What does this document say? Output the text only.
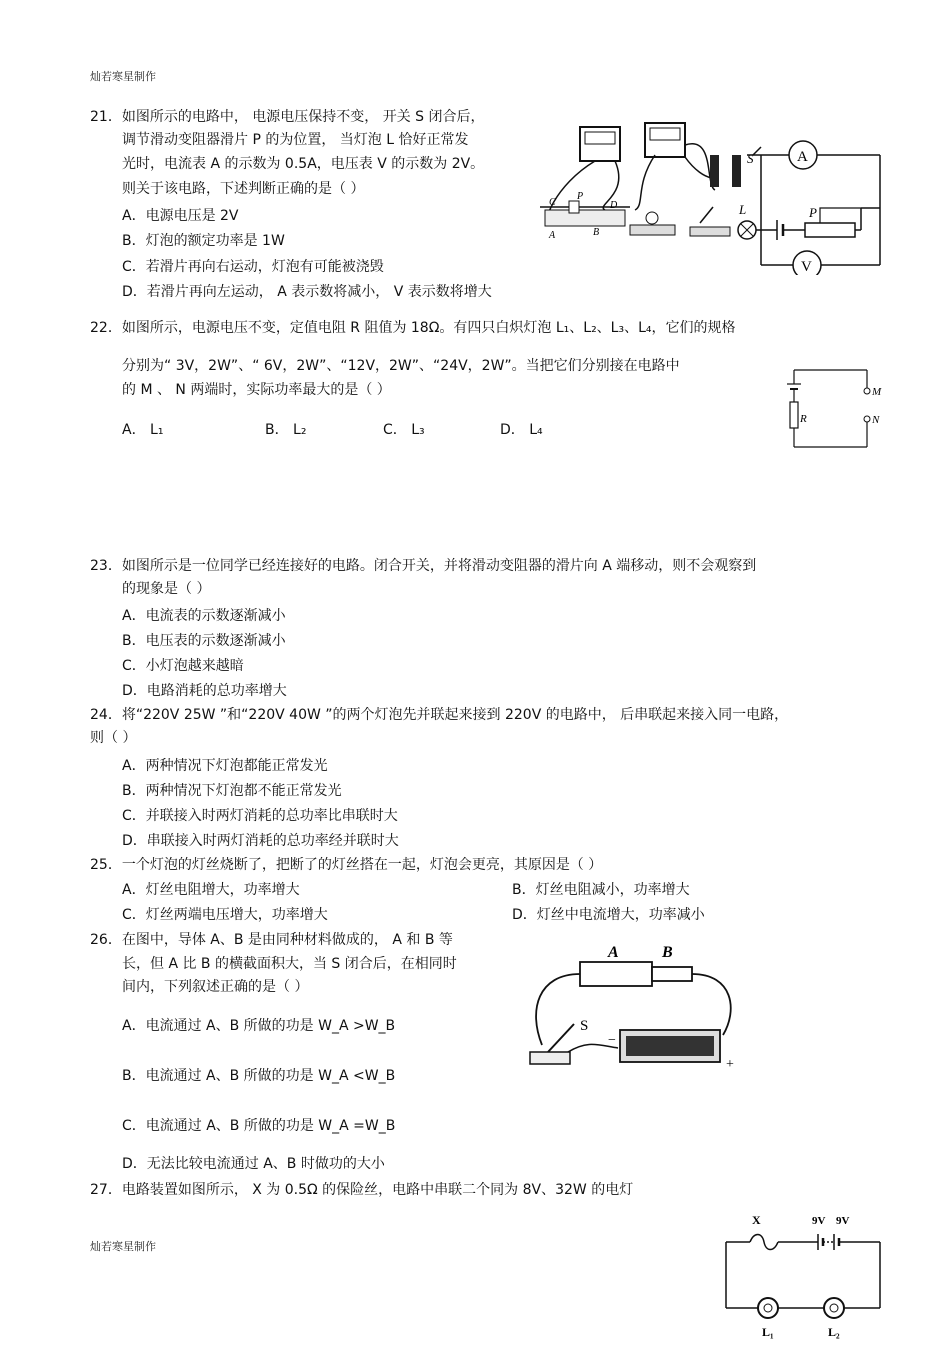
灿若寒星制作
21．如图所示的电路中， 电源电压保持不变， 开关 S 闭合后，
调节滑动变阻器滑片 P 的为位置， 当灯泡 L 恰好正常发
光时，电流表 A 的示数为 0.5A，电压表 V 的示数为 2V。
则关于该电路，下述判断正确的是（ ）
A．电源电压是 2V
B．灯泡的额定功率是 1W
C．若滑片再向右运动，灯泡有可能被浇毁
D．若滑片再向左运动， A 表示数将减小， V 表示数将增大
C
P
A	B
D
S	A
V
L	P
22．如图所示，电源电压不变，定值电阻 R 阻值为 18Ω。有四只白炽灯泡 L₁、L₂、L₃、L₄，它们的规格
分别为“ 3V，2W”、“ 6V，2W”、“12V，2W”、“24V，2W”。当把它们分别接在电路中
的 M 、 N 两端时，实际功率最大的是（ ）
A． L₁	B． L₂	C． L₃	D． L₄
R
M
N
23．如图所示是一位同学已经连接好的电路。闭合开关，并将滑动变阻器的滑片向 A 端移动，则不会观察到
的现象是（ ）
A．电流表的示数逐渐减小
B．电压表的示数逐渐减小
C．小灯泡越来越暗
D．电路消耗的总功率增大
24．将“220V 25W ”和“220V 40W ”的两个灯泡先并联起来接到 220V 的电路中， 后串联起来接入同一电路，
则（ ）
A．两种情况下灯泡都能正常发光
B．两种情况下灯泡都不能正常发光
C．并联接入时两灯消耗的总功率比串联时大
D．串联接入时两灯消耗的总功率经并联时大
25．一个灯泡的灯丝烧断了，把断了的灯丝搭在一起，灯泡会更亮，其原因是（ ）
A．灯丝电阻增大，功率增大	B．灯丝电阻减小，功率增大
C．灯丝两端电压增大，功率增大	D．灯丝中电流增大，功率减小
26．在图中，导体 A、B 是由同种材料做成的， A 和 B 等
长，但 A 比 B 的横截面积大，当 S 闭合后，在相同时
间内，下列叙述正确的是（ ）
A．电流通过 A、B 所做的功是 W_A >W_B
B．电流通过 A、B 所做的功是 W_A <W_B
C．电流通过 A、B 所做的功是 W_A =W_B
D．无法比较电流通过 A、B 时做功的大小
A	B
S
−
+
27．电路装置如图所示， X 为 0.5Ω 的保险丝，电路中串联二个同为 8V、32W 的电灯
X	9V 9V
L₁	L₂
灿若寒星制作
